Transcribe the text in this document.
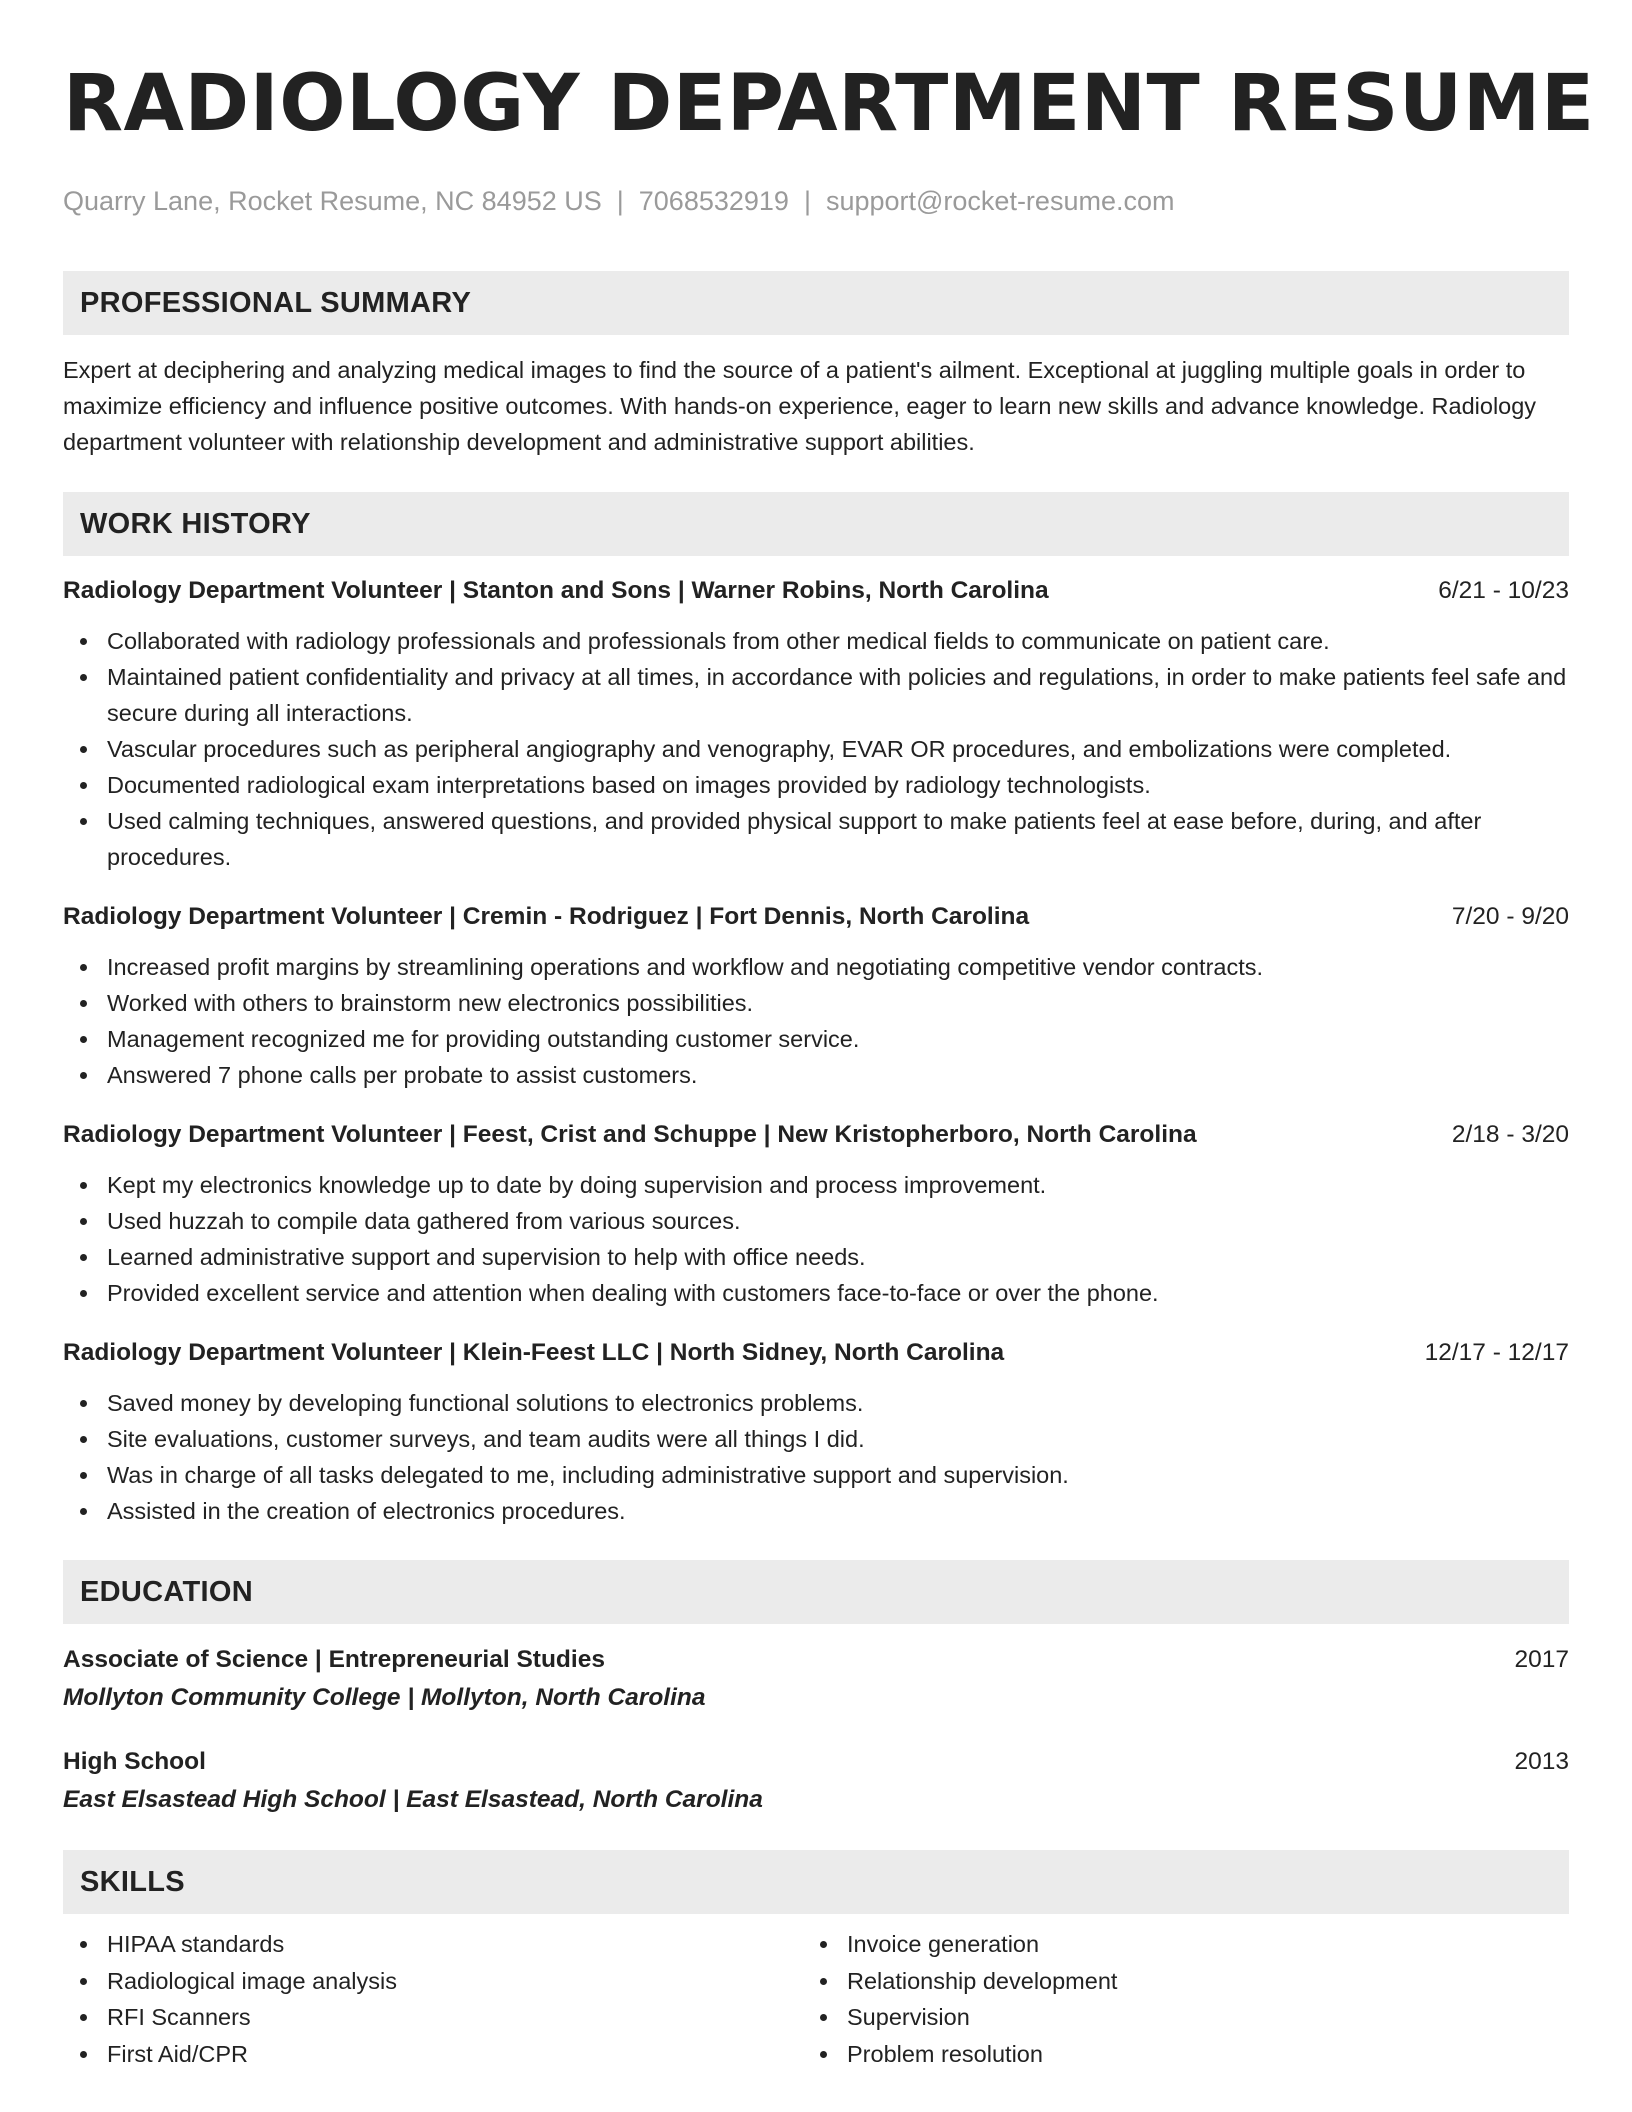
RADIOLOGY DEPARTMENT RESUME
Quarry Lane, Rocket Resume, NC 84952 US | 7068532919 | support@rocket-resume.com
PROFESSIONAL SUMMARY

Expert at deciphering and analyzing medical images to find the source of a patient's ailment. Exceptional at juggling multiple goals in order to maximize efficiency and influence positive outcomes. With hands-on experience, eager to learn new skills and advance knowledge. Radiology department volunteer with relationship development and administrative support abilities.

WORK HISTORY
Radiology Department Volunteer | Stanton and Sons | Warner Robins, North Carolina	6/21 - 10/23
Collaborated with radiology professionals and professionals from other medical fields to communicate on patient care.
Maintained patient confidentiality and privacy at all times, in accordance with policies and regulations, in order to make patients feel safe and secure during all interactions.
Vascular procedures such as peripheral angiography and venography, EVAR OR procedures, and embolizations were completed.
Documented radiological exam interpretations based on images provided by radiology technologists.
Used calming techniques, answered questions, and provided physical support to make patients feel at ease before, during, and after procedures.
Radiology Department Volunteer | Cremin - Rodriguez | Fort Dennis, North Carolina	7/20 - 9/20
Increased profit margins by streamlining operations and workflow and negotiating competitive vendor contracts.
Worked with others to brainstorm new electronics possibilities.
Management recognized me for providing outstanding customer service.
Answered 7 phone calls per probate to assist customers.
Radiology Department Volunteer | Feest, Crist and Schuppe | New Kristopherboro, North Carolina	2/18 - 3/20
Kept my electronics knowledge up to date by doing supervision and process improvement.
Used huzzah to compile data gathered from various sources.
Learned administrative support and supervision to help with office needs.
Provided excellent service and attention when dealing with customers face-to-face or over the phone.
Radiology Department Volunteer | Klein-Feest LLC | North Sidney, North Carolina	12/17 - 12/17
Saved money by developing functional solutions to electronics problems.
Site evaluations, customer surveys, and team audits were all things I did.
Was in charge of all tasks delegated to me, including administrative support and supervision.
Assisted in the creation of electronics procedures.
EDUCATION
Associate of Science | Entrepreneurial Studies	2017
Mollyton Community College | Mollyton, North Carolina
High School	2013
East Elsastead High School | East Elsastead, North Carolina
SKILLS
HIPAA standards
Radiological image analysis
RFI Scanners
First Aid/CPR
Invoice generation
Relationship development
Supervision
Problem resolution
